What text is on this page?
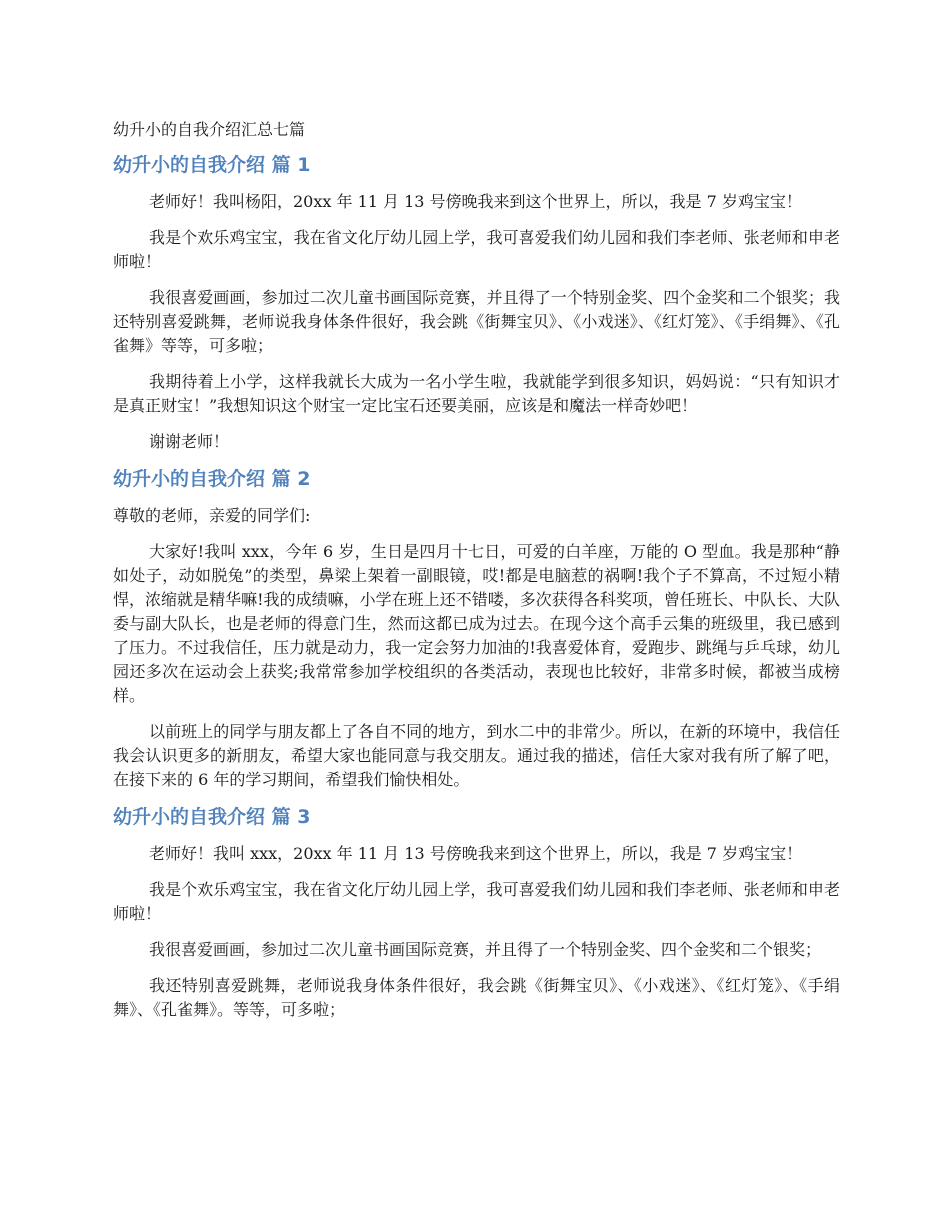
幼升小的自我介绍汇总七篇
幼升小的自我介绍 篇 1

老师好！我叫杨阳，20xx 年 11 月 13 号傍晚我来到这个世界上，所以，我是 7 岁鸡宝宝！

我是个欢乐鸡宝宝，我在省文化厅幼儿园上学，我可喜爱我们幼儿园和我们李老师、张老师和申老师啦！

我很喜爱画画，参加过二次儿童书画国际竞赛，并且得了一个特别金奖、四个金奖和二个银奖；我还特别喜爱跳舞，老师说我身体条件很好，我会跳《街舞宝贝》、《小戏迷》、《红灯笼》、《手绢舞》、《孔雀舞》等等，可多啦；

我期待着上小学，这样我就长大成为一名小学生啦，我就能学到很多知识，妈妈说：“只有知识才是真正财宝！”我想知识这个财宝一定比宝石还要美丽，应该是和魔法一样奇妙吧！

谢谢老师！

幼升小的自我介绍 篇 2

尊敬的老师，亲爱的同学们:

大家好!我叫 xxx，今年 6 岁，生日是四月十七日，可爱的白羊座，万能的 O 型血。我是那种“静如处子，动如脱兔”的类型，鼻梁上架着一副眼镜，哎!都是电脑惹的祸啊!我个子不算高，不过短小精悍，浓缩就是精华嘛!我的成绩嘛，小学在班上还不错喽，多次获得各科奖项，曾任班长、中队长、大队委与副大队长，也是老师的得意门生，然而这都已成为过去。在现今这个高手云集的班级里，我已感到了压力。不过我信任，压力就是动力，我一定会努力加油的!我喜爱体育，爱跑步、跳绳与乒乓球，幼儿园还多次在运动会上获奖;我常常参加学校组织的各类活动，表现也比较好，非常多时候，都被当成榜样。

以前班上的同学与朋友都上了各自不同的地方，到水二中的非常少。所以，在新的环境中，我信任我会认识更多的新朋友，希望大家也能同意与我交朋友。通过我的描述，信任大家对我有所了解了吧，在接下来的 6 年的学习期间，希望我们愉快相处。

幼升小的自我介绍 篇 3

老师好！我叫 xxx，20xx 年 11 月 13 号傍晚我来到这个世界上，所以，我是 7 岁鸡宝宝！

我是个欢乐鸡宝宝，我在省文化厅幼儿园上学，我可喜爱我们幼儿园和我们李老师、张老师和申老师啦！

我很喜爱画画，参加过二次儿童书画国际竞赛，并且得了一个特别金奖、四个金奖和二个银奖；

我还特别喜爱跳舞，老师说我身体条件很好，我会跳《街舞宝贝》、《小戏迷》、《红灯笼》、《手绢舞》、《孔雀舞》。等等，可多啦；
